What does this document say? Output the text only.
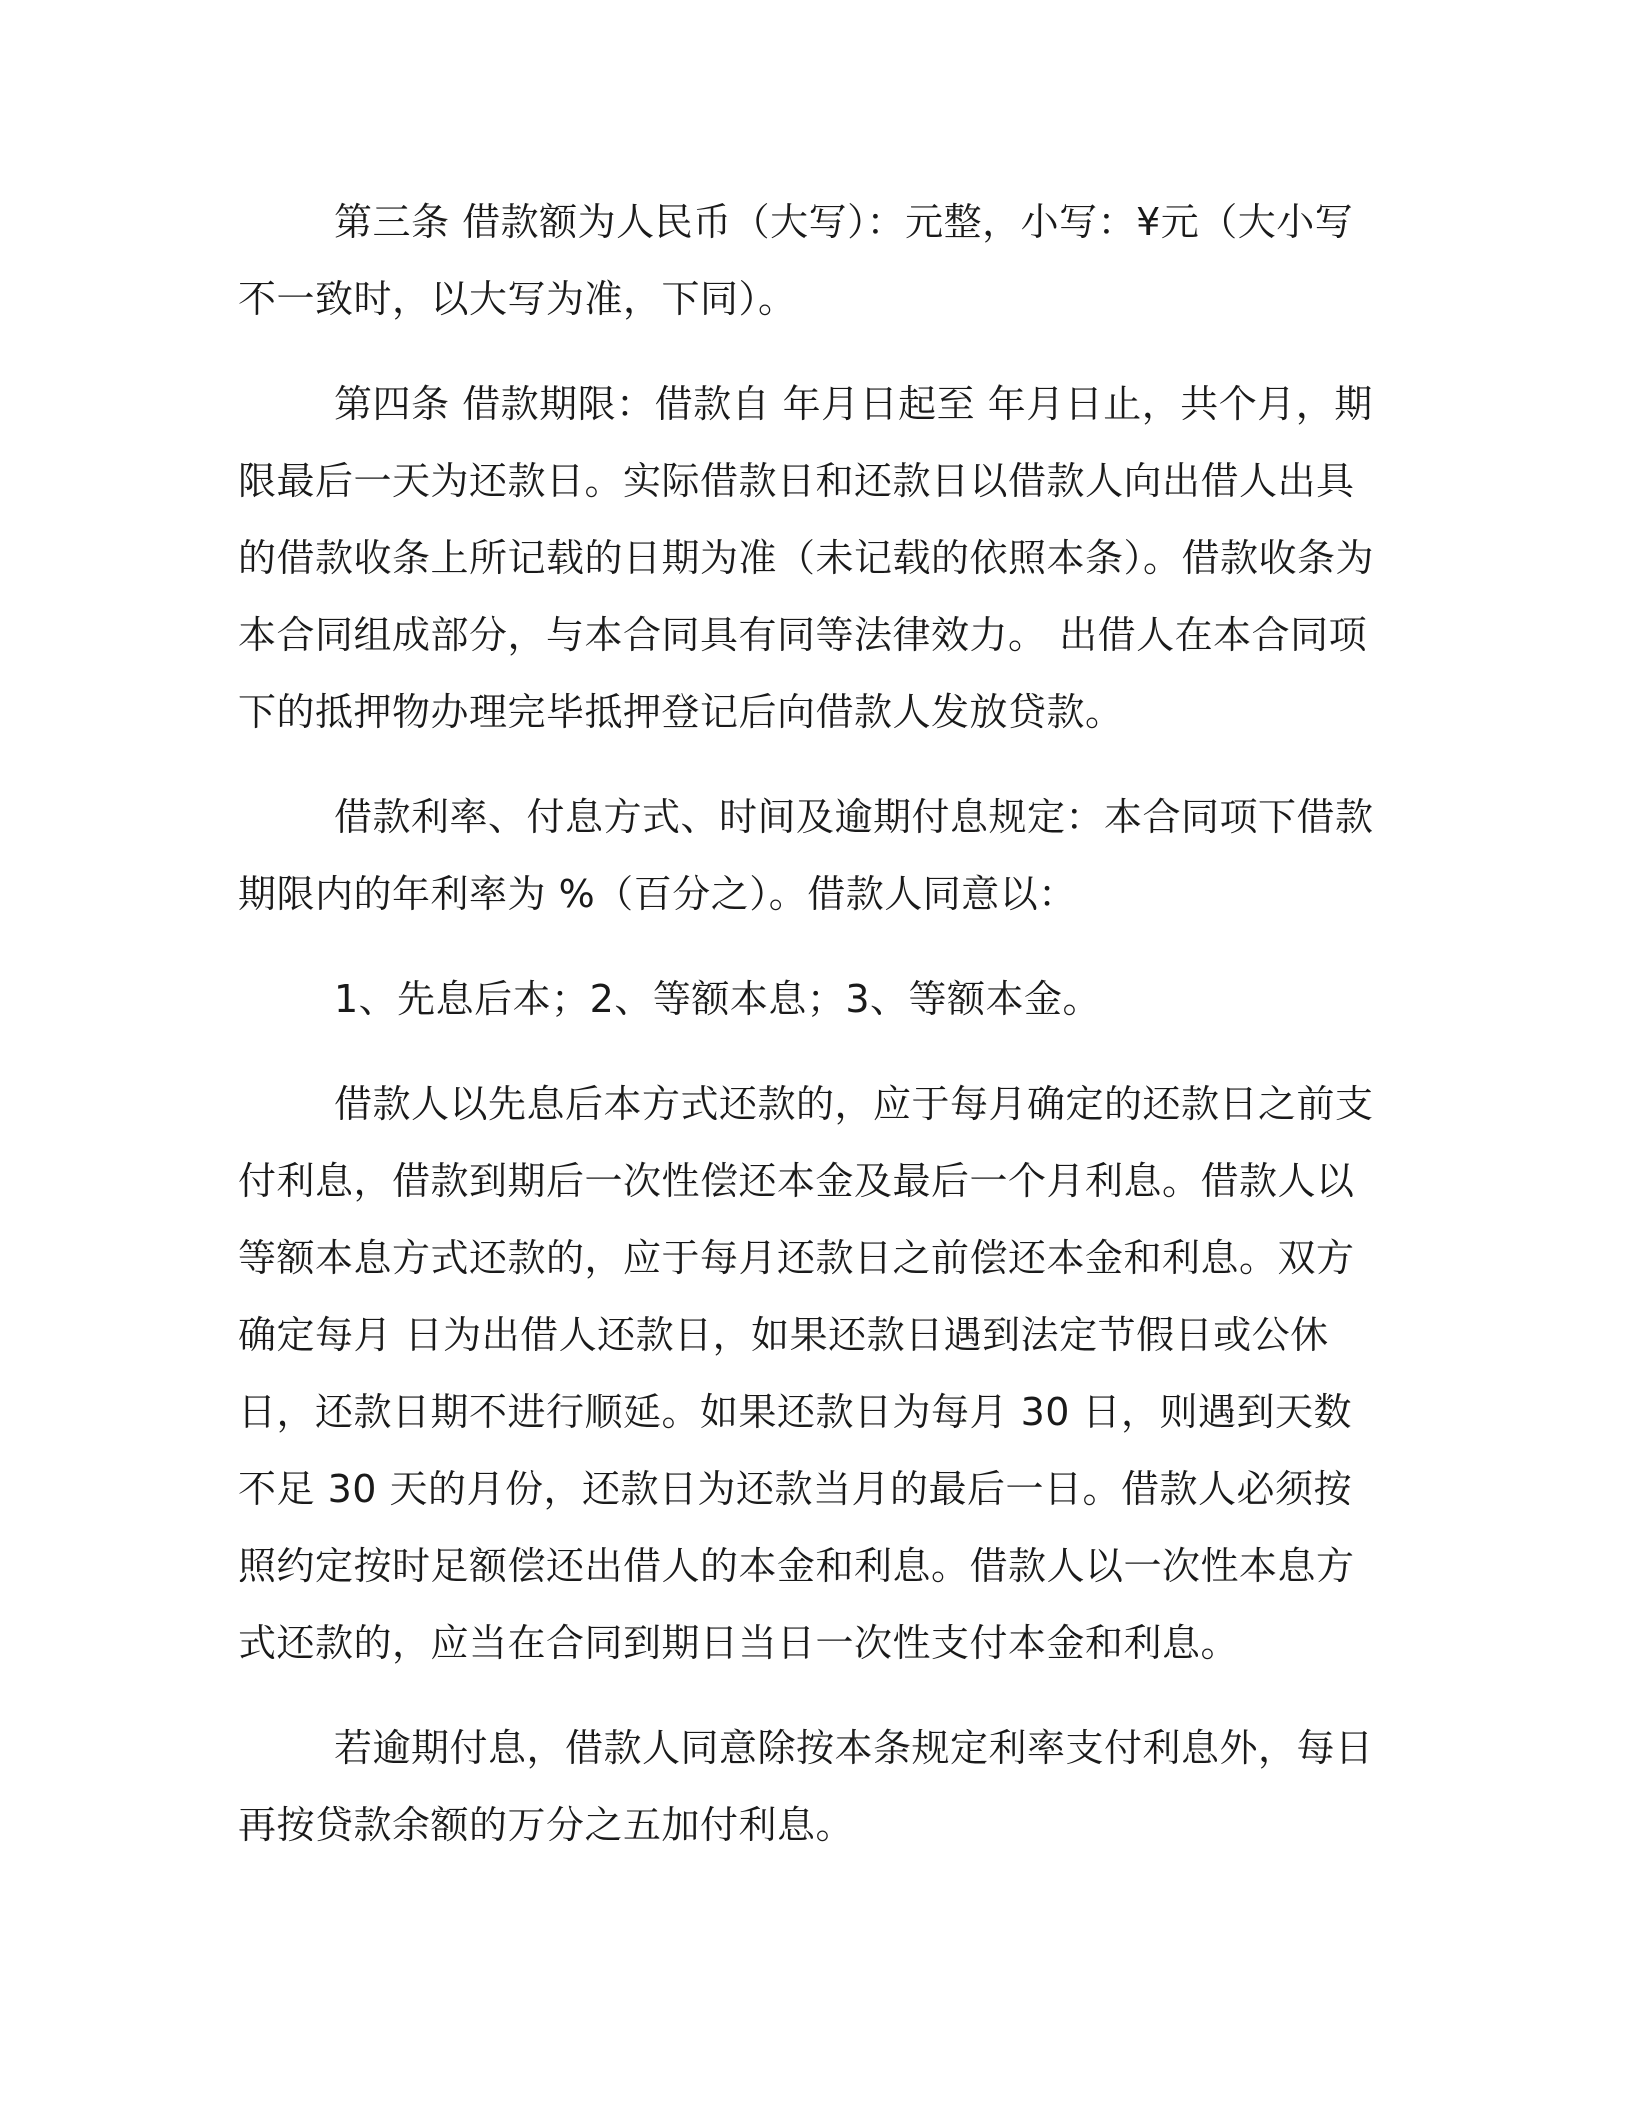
第三条 借款额为人民币（大写）：元整，小写：¥元（大小写不一致时，以大写为准，下同）。

第四条 借款期限：借款自 年月日起至 年月日止，共个月，期限最后一天为还款日。实际借款日和还款日以借款人向出借人出具的借款收条上所记载的日期为准（未记载的依照本条）。借款收条为本合同组成部分，与本合同具有同等法律效力。 出借人在本合同项下的抵押物办理完毕抵押登记后向借款人发放贷款。

借款利率、付息方式、时间及逾期付息规定：本合同项下借款期限内的年利率为 %（百分之）。借款人同意以：

1、先息后本；2、等额本息；3、等额本金。

借款人以先息后本方式还款的，应于每月确定的还款日之前支付利息，借款到期后一次性偿还本金及最后一个月利息。借款人以等额本息方式还款的，应于每月还款日之前偿还本金和利息。双方确定每月 日为出借人还款日，如果还款日遇到法定节假日或公休日，还款日期不进行顺延。如果还款日为每月 30 日，则遇到天数不足 30 天的月份，还款日为还款当月的最后一日。借款人必须按照约定按时足额偿还出借人的本金和利息。借款人以一次性本息方式还款的，应当在合同到期日当日一次性支付本金和利息。

若逾期付息，借款人同意除按本条规定利率支付利息外，每日再按贷款余额的万分之五加付利息。
